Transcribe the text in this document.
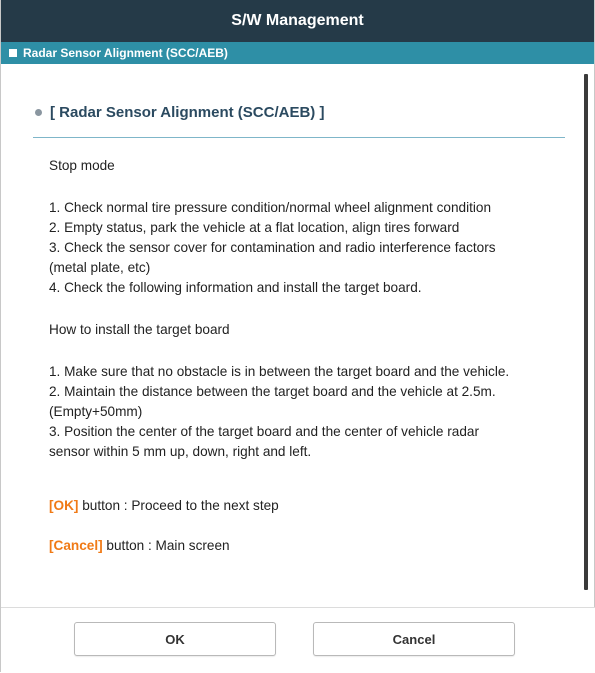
S/W Management
Radar Sensor Alignment (SCC/AEB)
[ Radar Sensor Alignment (SCC/AEB) ]
Stop mode
1. Check normal tire pressure condition/normal wheel alignment condition
2. Empty status, park the vehicle at a flat location, align tires forward
3. Check the sensor cover for contamination and radio interference factors
(metal plate, etc)
4. Check the following information and install the target board.
How to install the target board
1. Make sure that no obstacle is in between the target board and the vehicle.
2. Maintain the distance between the target board and the vehicle at 2.5m.
(Empty+50mm)
3. Position the center of the target board and the center of vehicle radar
sensor within 5 mm up, down, right and left.
[OK] button : Proceed to the next step
[Cancel] button : Main screen
OK	Cancel
